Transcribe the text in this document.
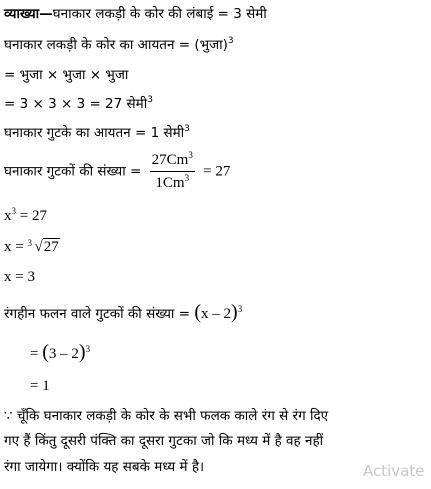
व्याख्या—घनाकार लकड़ी के कोर की लंबाई = 3 सेमी
घनाकार लकड़ी के कोर का आयतन = (भुजा)$^3$
= भुजा × भुजा × भुजा
= 3 × 3 × 3 = 27 सेमी$^3$
घनाकार गुटके का आयतन = 1 सेमी$^3$
घनाकार गुटकों की संख्या = $\frac{27Cm^3}{1Cm^3} = 27$
$x^3 = 27$
x = 3 √27
x = 3
रंगहीन फलन वाले गुटकों की संख्या = (x – 2)$^3$
= (3 – 2)$^3$
= 1
∵ चूँकि घनाकार लकड़ी के कोर के सभी फलक काले रंग से रंग दिए
गए हैं किंतु दूसरी पंक्ति का दूसरा गुटका जो कि मध्य में है वह नहीं
रंगा जायेगा। क्योंकि यह सबके मध्य में है।	Activate
